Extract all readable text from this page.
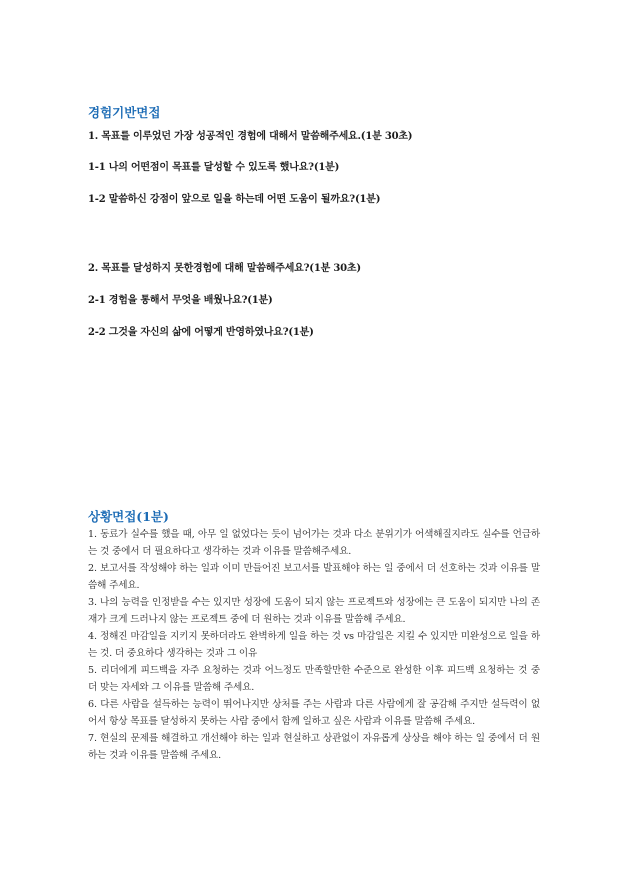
경험기반면접

1. 목표를 이루었던 가장 성공적인 경험에 대해서 말씀해주세요.(1분 30초)

1-1 나의 어떤점이 목표를 달성할 수 있도록 했나요?(1분)

1-2 말씀하신 강점이 앞으로 일을 하는데 어떤 도움이 될까요?(1분)

2. 목표를 달성하지 못한경험에 대해 말씀해주세요?(1분 30초)

2-1 경험을 통해서 무엇을 배웠나요?(1분)

2-2 그것을 자신의 삶에 어떻게 반영하였나요?(1분)

상황면접(1분)
1. 동료가 실수를 했을 때, 아무 일 없었다는 듯이 넘어가는 것과 다소 분위기가 어색해질지라도 실수를 언급하는 것 중에서 더 필요하다고 생각하는 것과 이유를 말씀해주세요.
2. 보고서를 작성해야 하는 일과 이미 만들어진 보고서를 발표해야 하는 일 중에서 더 선호하는 것과 이유를 말씀해 주세요.
3. 나의 능력을 인정받을 수는 있지만 성장에 도움이 되지 않는 프로젝트와 성장에는 큰 도움이 되지만 나의 존재가 크게 드러나지 않는 프로젝트 중에 더 원하는 것과 이유를 말씀해 주세요.
4. 정해진 마감일을 지키지 못하더라도 완벽하게 일을 하는 것 vs 마감일은 지킬 수 있지만 미완성으로 일을 하는 것. 더 중요하다 생각하는 것과 그 이유
5. 리더에게 피드백을 자주 요청하는 것과 어느정도 만족할만한 수준으로 완성한 이후 피드백 요청하는 것 중 더 맞는 자세와 그 이유를 말씀해 주세요.
6. 다른 사람을 설득하는 능력이 뛰어나지만 상처를 주는 사람과 다른 사람에게 잘 공감해 주지만 설득력이 없어서 항상 목표를 달성하지 못하는 사람 중에서 함께 일하고 싶은 사람과 이유를 말씀해 주세요.
7. 현실의 문제를 해결하고 개선해야 하는 일과 현실하고 상관없이 자유롭게 상상을 해야 하는 일 중에서 더 원하는 것과 이유를 말씀해 주세요.
